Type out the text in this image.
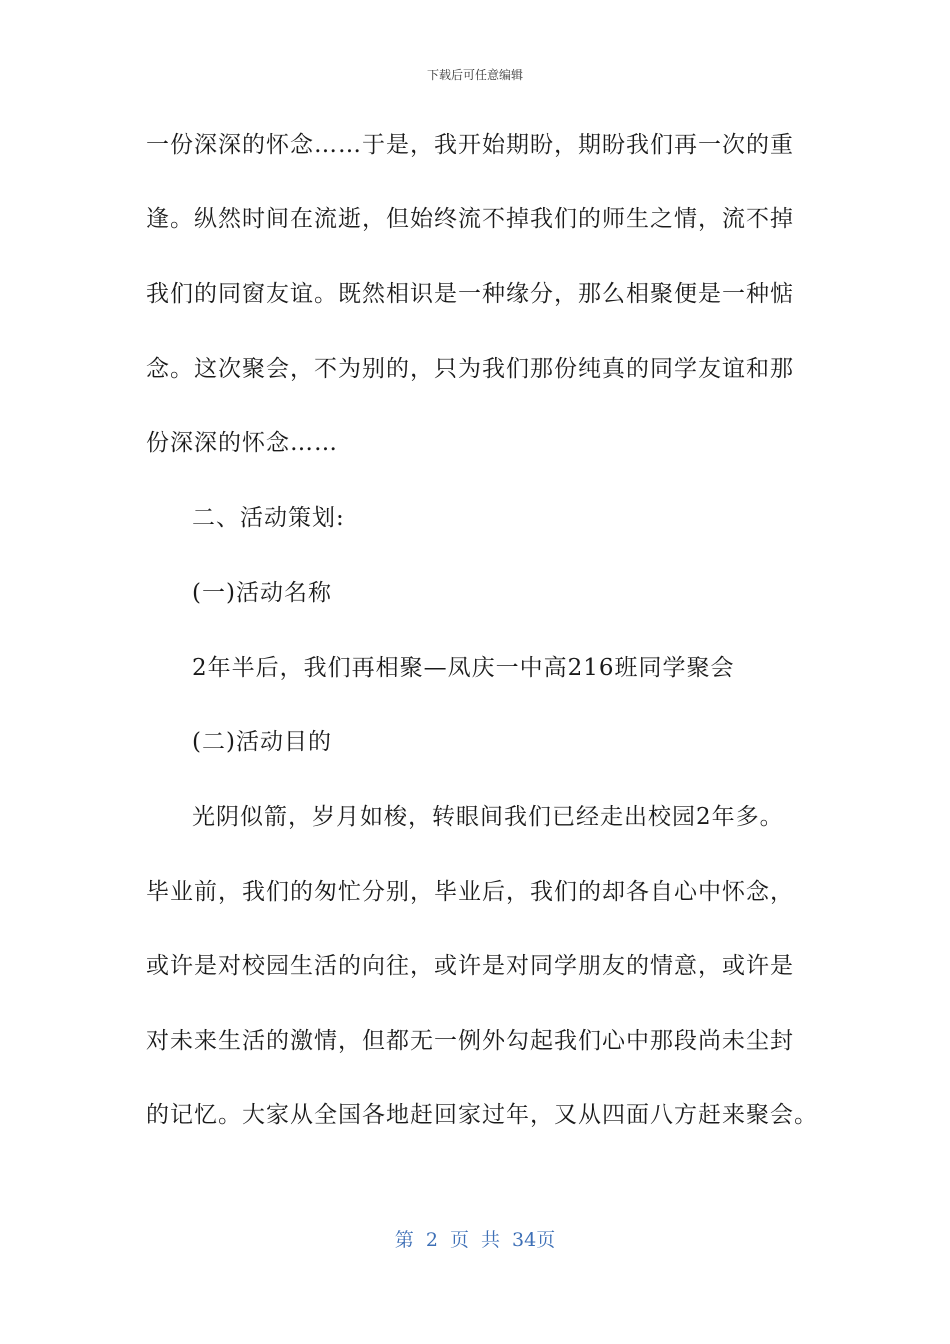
下载后可任意编辑
一份深深的怀念……于是，我开始期盼，期盼我们再一次的重
逢。纵然时间在流逝，但始终流不掉我们的师生之情，流不掉
我们的同窗友谊。既然相识是一种缘分，那么相聚便是一种惦
念。这次聚会，不为别的，只为我们那份纯真的同学友谊和那
份深深的怀念……
二、活动策划:
(一)活动名称
2年半后，我们再相聚—凤庆一中高216班同学聚会
(二)活动目的
光阴似箭，岁月如梭，转眼间我们已经走出校园2年多。
毕业前，我们的匆忙分别，毕业后，我们的却各自心中怀念，
或许是对校园生活的向往，或许是对同学朋友的情意，或许是
对未来生活的激情，但都无一例外勾起我们心中那段尚未尘封
的记忆。大家从全国各地赶回家过年，又从四面八方赶来聚会。
第 2 页 共 34页
